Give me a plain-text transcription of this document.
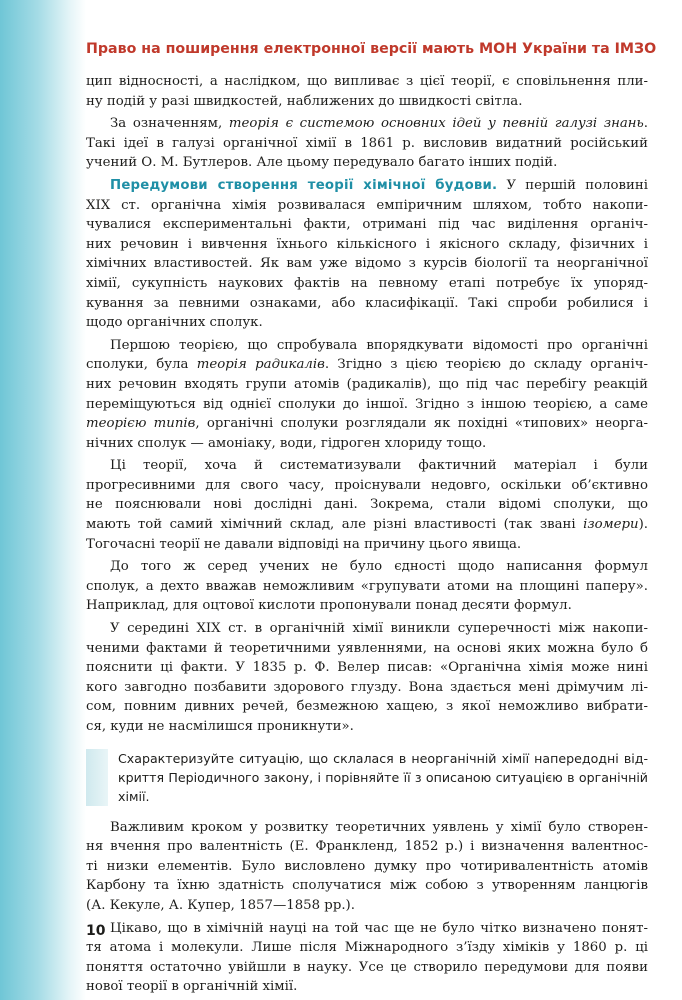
Право на поширення електронної версії мають МОН України та ІМЗО
цип відносності, а наслідком, що випливає з цієї теорії, є сповільнення пли-
ну подій у разі швидкостей, наближених до швидкості світла.
За означенням, теорія є системою основних ідей у певній галузі знань.
Такі ідеї в галузі органічної хімії в 1861 р. висловив видатний російський
учений О. М. Бутлеров. Але цьому передувало багато інших подій.
Передумови створення теорії хімічної будови. У першій половині
XIX ст. органічна хімія розвивалася емпіричним шляхом, тобто накопи-
чувалися експериментальні факти, отримані під час виділення органіч-
них речовин і вивчення їхнього кількісного і якісного складу, фізичних і
хімічних властивостей. Як вам уже відомо з курсів біології та неорганічної
хімії, сукупність наукових фактів на певному етапі потребує їх упоряд-
кування за певними ознаками, або класифікації. Такі спроби робилися і
щодо органічних сполук.
Першою теорією, що спробувала впорядкувати відомості про органічні
сполуки, була теорія радикалів. Згідно з цією теорією до складу органіч-
них речовин входять групи атомів (радикалів), що під час перебігу реакцій
переміщуються від однієї сполуки до іншої. Згідно з іншою теорією, а саме
теорією типів, органічні сполуки розглядали як похідні «типових» неорга-
нічних сполук — амоніаку, води, гідроген хлориду тощо.
Ці теорії, хоча й систематизували фактичний матеріал і були
прогресивними для свого часу, проіснували недовго, оскільки об’єктивно
не пояснювали нові дослідні дані. Зокрема, стали відомі сполуки, що
мають той самий хімічний склад, але різні властивості (так звані ізомери).
Тогочасні теорії не давали відповіді на причину цього явища.
До того ж серед учених не було єдності щодо написання формул
сполук, а дехто вважав неможливим «групувати атоми на площині паперу».
Наприклад, для оцтової кислоти пропонували понад десяти формул.
У середині XIX ст. в органічній хімії виникли суперечності між накопи-
ченими фактами й теоретичними уявленнями, на основі яких можна було б
пояснити ці факти. У 1835 р. Ф. Велер писав: «Органічна хімія може нині
кого завгодно позбавити здорового глузду. Вона здається мені дрімучим лі-
сом, повним дивних речей, безмежною хащею, з якої неможливо вибрати-
ся, куди не насмілишся проникнути».
Схарактеризуйте ситуацію, що склалася в неорганічній хімії напередодні від-
криття Періодичного закону, і порівняйте її з описаною ситуацією в органічній
хімії.
Важливим кроком у розвитку теоретичних уявлень у хімії було створен-
ня вчення про валентність (Е. Франкленд, 1852 р.) і визначення валентнос-
ті низки елементів. Було висловлено думку про чотиривалентність атомів
Карбону та їхню здатність сполучатися між собою з утворенням ланцюгів
(А. Кекуле, А. Купер, 1857—1858 рр.).
Цікаво, що в хімічній науці на той час ще не було чітко визначено понят-
тя атома і молекули. Лише після Міжнародного з’їзду хіміків у 1860 р. ці
поняття остаточно увійшли в науку. Усе це створило передумови для появи
нової теорії в органічній хімії.
10
